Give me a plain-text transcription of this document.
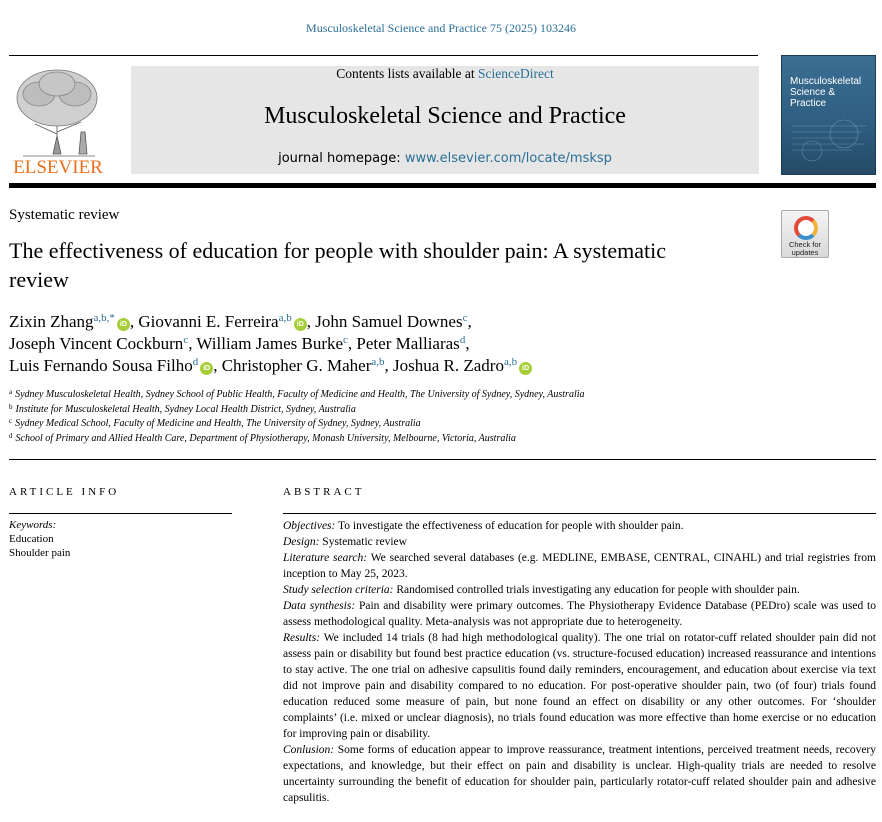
Musculoskeletal Science and Practice 75 (2025) 103246
ELSEVIER
Contents lists available at ScienceDirect
Musculoskeletal Science and Practice
journal homepage: www.elsevier.com/locate/msksp
Musculoskeletal Science & Practice
Systematic review
The effectiveness of education for people with shoulder pain: A systematic review
Check for updates
Zixin Zhang$^{a,b,*}$iD , Giovanni E. Ferreira$^{a,b}$iD , John Samuel Downes$^c$,
Joseph Vincent Cockburn$^c$, William James Burke$^c$, Peter Malliaras$^d$,
Luis Fernando Sousa Filho$^d$iD , Christopher G. Maher$^{a,b}$, Joshua R. Zadro$^{a,b}$iD
$^a$ Sydney Musculoskeletal Health, Sydney School of Public Health, Faculty of Medicine and Health, The University of Sydney, Sydney, Australia
$^b$ Institute for Musculoskeletal Health, Sydney Local Health District, Sydney, Australia
$^c$ Sydney Medical School, Faculty of Medicine and Health, The University of Sydney, Sydney, Australia
$^d$ School of Primary and Allied Health Care, Department of Physiotherapy, Monash University, Melbourne, Victoria, Australia
ARTICLE INFO
Keywords:
Education
Shoulder pain
ABSTRACT

Objectives: To investigate the effectiveness of education for people with shoulder pain.

Design: Systematic review

Literature search: We searched several databases (e.g. MEDLINE, EMBASE, CENTRAL, CINAHL) and trial registries from inception to May 25, 2023.

Study selection criteria: Randomised controlled trials investigating any education for people with shoulder pain.

Data synthesis: Pain and disability were primary outcomes. The Physiotherapy Evidence Database (PEDro) scale was used to assess methodological quality. Meta-analysis was not appropriate due to heterogeneity.

Results: We included 14 trials (8 had high methodological quality). The one trial on rotator-cuff related shoulder pain did not assess pain or disability but found best practice education (vs. structure-focused education) increased reassurance and intentions to stay active. The one trial on adhesive capsulitis found daily reminders, encouragement, and education about exercise via text did not improve pain and disability compared to no education. For post-operative shoulder pain, two (of four) trials found education reduced some measure of pain, but none found an effect on disability or any other outcomes. For ‘shoulder complaints’ (i.e. mixed or unclear diagnosis), no trials found education was more effective than home exercise or no education for improving pain or disability.

Conlusion: Some forms of education appear to improve reassurance, treatment intentions, perceived treatment needs, recovery expectations, and knowledge, but their effect on pain and disability is unclear. High-quality trials are needed to resolve uncertainty surrounding the benefit of education for shoulder pain, particularly rotator-cuff related shoulder pain and adhesive capsulitis.
